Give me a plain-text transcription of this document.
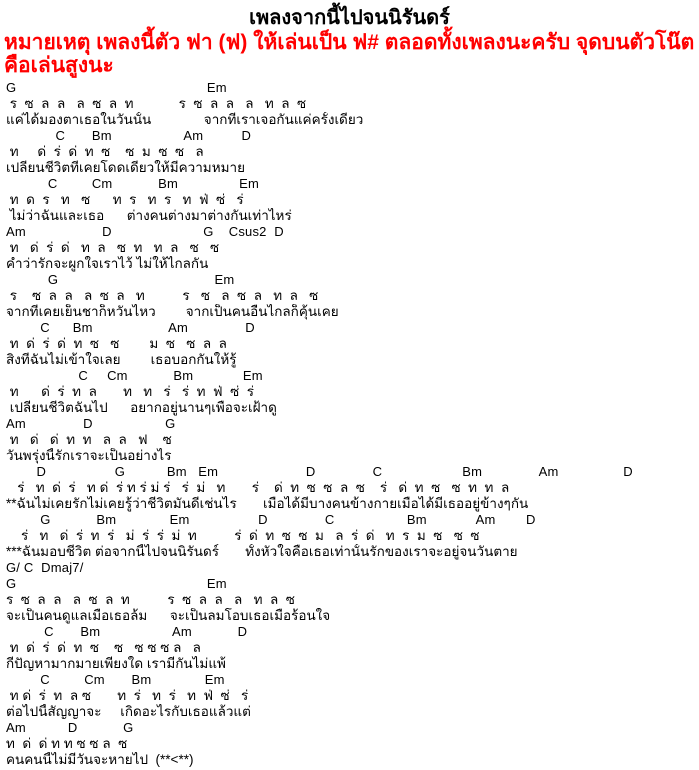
เพลงจากนี้ไปจนนิรันดร์
หมายเหตุ เพลงนี้ตัว ฟา (ฟ) ให้เล่นเป็น ฟ# ตลอดทั้งเพลงนะครับ จุดบนตัวโน๊ตคือเล่นสูงนะ
G                                                  Em
ร  ซ  ล  ล   ล  ซ  ล  ท            ร  ซ  ล  ล   ล   ท  ล  ซ
แค่ได้มองตาเธอในวันนั้น              จากที่เราเจอกันแค่ครั้งเดียว
C       Bm                   Am          D
ท     ด่  ร่  ด่  ท  ซ    ซ  ม  ซ  ซ   ล
เปลี่ยนชีวิตที่เคยโดดเดี่ยวให้มีความหมาย
C         Cm            Bm                Em
ท  ด  ร   ท   ซ      ท  ร   ท  ร   ท  ฟ่  ซ่   ร่
ไม่ว่าฉันและเธอ      ต่างคนต่างมาต่างกันเท่าไหร่
Am                    D                        G    Csus2  D
ท   ด่  ร่  ด่   ท  ล   ซ  ท   ท  ล   ซ   ซ
คำว่ารักจะผูกใจเราไว้ ไม่ให้ไกลกัน
G                                         Em
ร    ซ  ล  ล   ล  ซ  ล   ท          ร   ซ   ล  ซ  ล   ท  ล   ซ
จากที่เคยเย็นชาก็หวั่นไหว        จากเป็นคนอื่นไกลก็คุ้นเคย
C      Bm                    Am               D
ท  ด่  ร่  ด่  ท  ซ   ซ        ม  ซ   ซ  ล  ล
สิ่งที่ฉันไม่เข้าใจเลย        เธอบอกกันให้รู้
C     Cm            Bm             Em
ท      ด่  ร่  ท  ล       ท   ท   ร่   ร่  ท  ฟ่  ซ่  ร่
เปลี่ยนชีวิตฉันไป      อยากอยู่นานๆเพื่อจะเฝ้าดู
Am               D                   G
ท   ด่   ด่  ท  ท   ล  ล   ฟ    ซ
วันพรุ่งนี้รักเราจะเป็นอย่างไร
D                  G           Bm   Em                       D               C                     Bm               Am                 D
ร่   ท  ด่  ร่   ท ด่  ร่ ท ร่ ม่ ร่   ร่  ม่   ท       ร่    ด่  ท  ซ  ซ  ล  ซ    ร่   ด่  ท  ซ   ซ  ท  ท  ล
**ฉันไม่เคยรักไม่เคยรู้ว่าชีวิตมันดีเช่นไร       เมื่อได้มีบางคนข้างกายเมื่อได้มีเธออยู่ข้างๆกัน
G            Bm              Em                  D               C                   Bm             Am        D
ร่   ท   ด่  ร่  ท  ร่   ม่  ร่  ร่  ม่  ท          ร่  ด่  ท  ซ  ซ  ม   ล  ร่  ด่   ท  ร  ม  ซ   ซ  ซ
***ฉันมอบชีวิต ต่อจากนี้ไปจนนิรันดร์       ทั้งหัวใจคือเธอเท่านั้นรักของเราจะอยู่จนวันตาย
G/ C  Dmaj7/
G                                                  Em
ร  ซ  ล  ล   ล  ซ  ล  ท          ร  ซ  ล  ล   ล   ท  ล  ซ
จะเป็นคนดูแลเมื่อเธอล้ม      จะเป็นลมโอบเธอเมื่อร้อนใจ
C       Bm                   Am            D
ท  ด่  ร่  ด่  ท  ซ    ซ   ซ ซ ซ ล   ล
กี่ปัญหามากมายเพียงใด เรามีกันไม่แพ้
C         Cm       Bm              Em
ท ด่  ร่  ท  ล ซ       ท  ร่   ท  ร่   ท  ฟ่  ซ่   ร่
ต่อไปนี้สัญญาจะ     เกิดอะไรกับเธอแล้วแต่
Am           D            G
ท  ด่  ด่ ท ท ซ ซ ล  ซ
คนคนนี้ไม่มีวันจะหายไป  (**<**)
